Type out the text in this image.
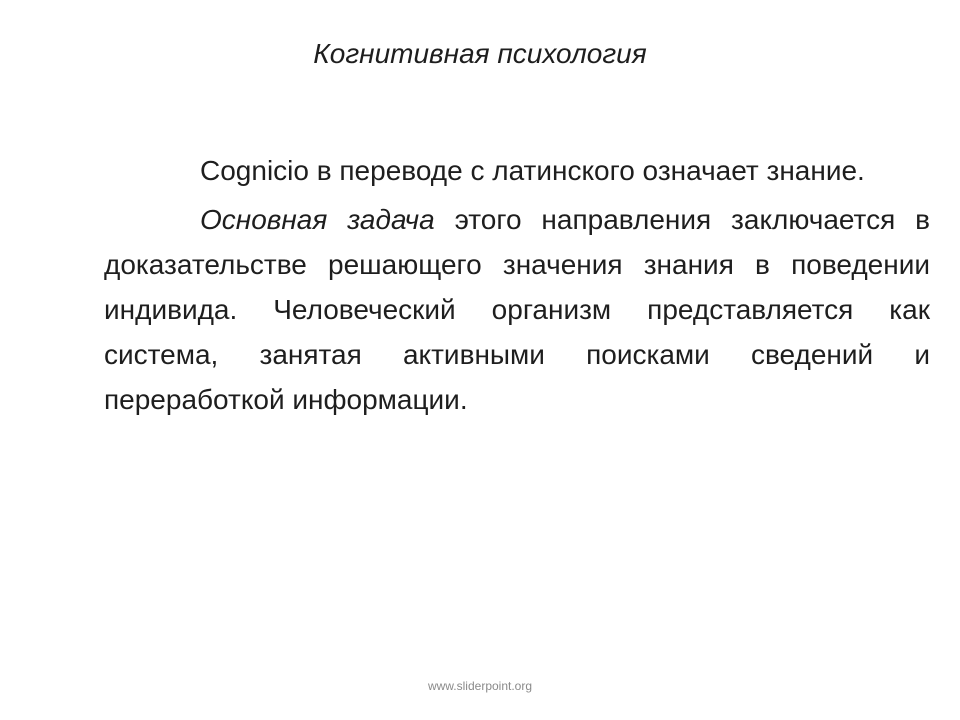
Когнитивная психология

Cognicio в переводе с латинского означает знание.

Основная задача этого направления заключается в доказательстве решающего значения знания в поведении индивида. Человеческий организм представляется как система, занятая активными поисками сведений и переработкой информации.

www.sliderpoint.org
